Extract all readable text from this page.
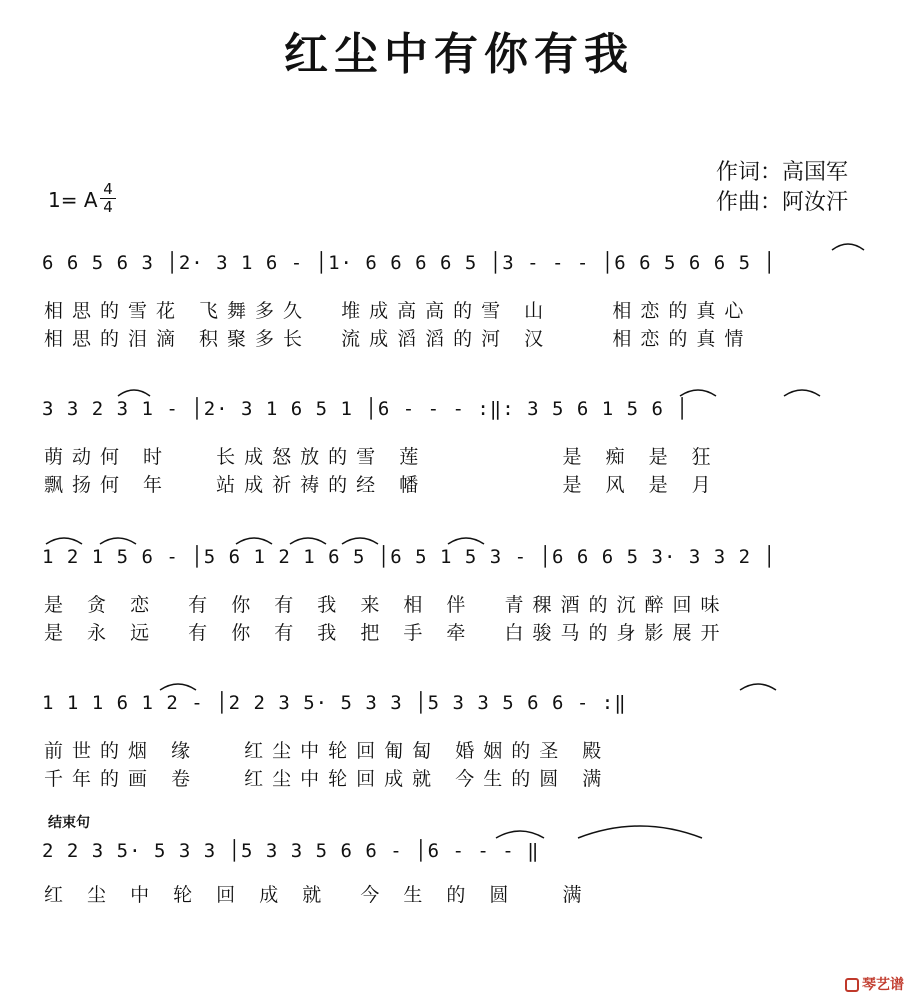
红尘中有你有我
作词：高国军
作曲：阿汝汗
1= A 4
4
6 6 5 6 3 │2· 3 1 6 - │1· 6 6 6 6 5 │3 - - - │6 6 5 6 6 5 │
相思的雪花 飞舞多久  堆成高高的雪 山    相恋的真心
相思的泪滴 积聚多长  流成滔滔的河 汉    相恋的真情
3 3 2 3 1 - │2· 3 1 6 5 1 │6 - - - :‖: 3 5 6 1 5 6 │
萌动何 时   长成怒放的雪 莲         是 痴 是 狂
飘扬何 年   站成祈祷的经 幡         是 风 是 月
1 2 1 5 6 - │5 6 1 2 1 6 5 │6 5 1 5 3 - │6 6 6 5 3· 3 3 2 │
是 贪 恋  有 你 有 我 来 相 伴  青稞酒的沉醉回味
是 永 远  有 你 有 我 把 手 牵  白骏马的身影展开
1 1 1 6 1 2 - │2 2 3 5· 5 3 3 │5 3 3 5 6 6 - :‖
前世的烟 缘   红尘中轮回匍匐 婚姻的圣 殿
千年的画 卷   红尘中轮回成就 今生的圆 满
结束句
2 2 3 5· 5 3 3 │5 3 3 5 6 6 - │6 - - - ‖
红 尘 中 轮 回 成 就  今 生 的 圆   满
琴艺谱
